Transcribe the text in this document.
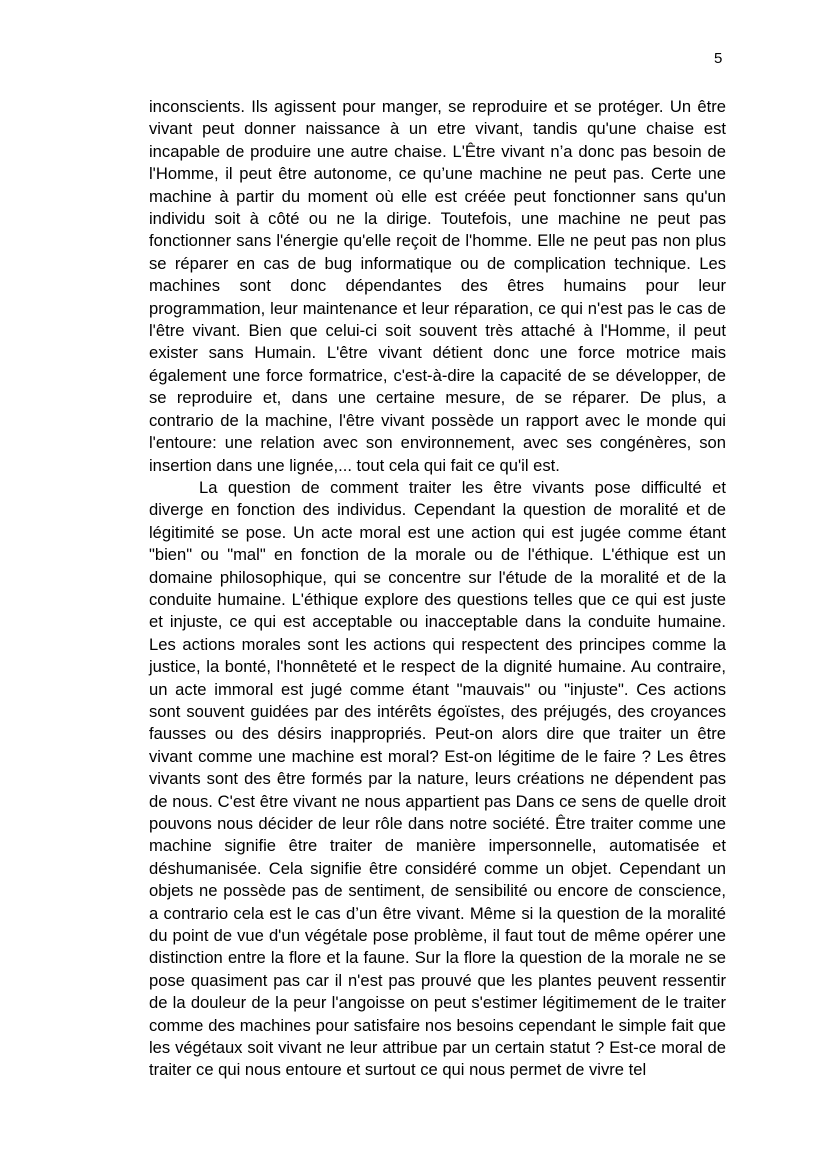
5

inconscients. Ils agissent pour manger, se reproduire et se protéger. Un être vivant peut donner naissance à un etre vivant, tandis qu'une chaise est incapable de produire une autre chaise. L'Être vivant n’a donc pas besoin de l'Homme, il peut être autonome, ce qu’une machine ne peut pas. Certe une machine à partir du moment où elle est créée peut fonctionner sans qu'un individu soit à côté ou ne la dirige. Toutefois, une machine ne peut pas fonctionner sans l'énergie qu'elle reçoit de l'homme. Elle ne peut pas non plus se réparer en cas de bug informatique ou de complication technique. Les machines sont donc dépendantes des êtres humains pour leur programmation, leur maintenance et leur réparation, ce qui n'est pas le cas de l'être vivant. Bien que celui-ci soit souvent très attaché à l'Homme, il peut exister sans Humain. L'être vivant détient donc une force motrice mais également une force formatrice, c'est-à-dire la capacité de se développer, de se reproduire et, dans une certaine mesure, de se réparer. De plus, a contrario de la machine, l'être vivant possède un rapport avec le monde qui l'entoure: une relation avec son environnement, avec ses congénères, son insertion dans une lignée,... tout cela qui fait ce qu'il est.

La question de comment traiter les être vivants pose difficulté et diverge en fonction des individus. Cependant la question de moralité et de légitimité se pose. Un acte moral est une action qui est jugée comme étant "bien" ou "mal" en fonction de la morale ou de l'éthique. L'éthique est un domaine philosophique, qui se concentre sur l'étude de la moralité et de la conduite humaine. L'éthique explore des questions telles que ce qui est juste et injuste, ce qui est acceptable ou inacceptable dans la conduite humaine. Les actions morales sont les actions qui respectent des principes comme la justice, la bonté, l'honnêteté et le respect de la dignité humaine. Au contraire, un acte immoral est jugé comme étant "mauvais" ou "injuste". Ces actions sont souvent guidées par des intérêts égoïstes, des préjugés, des croyances fausses ou des désirs inappropriés. Peut-on alors dire que traiter un être vivant comme une machine est moral? Est-on légitime de le faire ? Les êtres vivants sont des être formés par la nature, leurs créations ne dépendent pas de nous. C'est être vivant ne nous appartient pas Dans ce sens de quelle droit pouvons nous décider de leur rôle dans notre société. Être traiter comme une machine signifie être traiter de manière impersonnelle, automatisée et déshumanisée. Cela signifie être considéré comme un objet. Cependant un objets ne possède pas de sentiment, de sensibilité ou encore de conscience, a contrario cela est le cas d’un être vivant. Même si la question de la moralité du point de vue d'un végétale pose problème, il faut tout de même opérer une distinction entre la flore et la faune. Sur la flore la question de la morale ne se pose quasiment pas car il n'est pas prouvé que les plantes peuvent ressentir de la douleur de la peur l'angoisse on peut s'estimer légitimement de le traiter comme des machines pour satisfaire nos besoins cependant le simple fait que les végétaux soit vivant ne leur attribue par un certain statut ? Est-ce moral de traiter ce qui nous entoure et surtout ce qui nous permet de vivre tel
